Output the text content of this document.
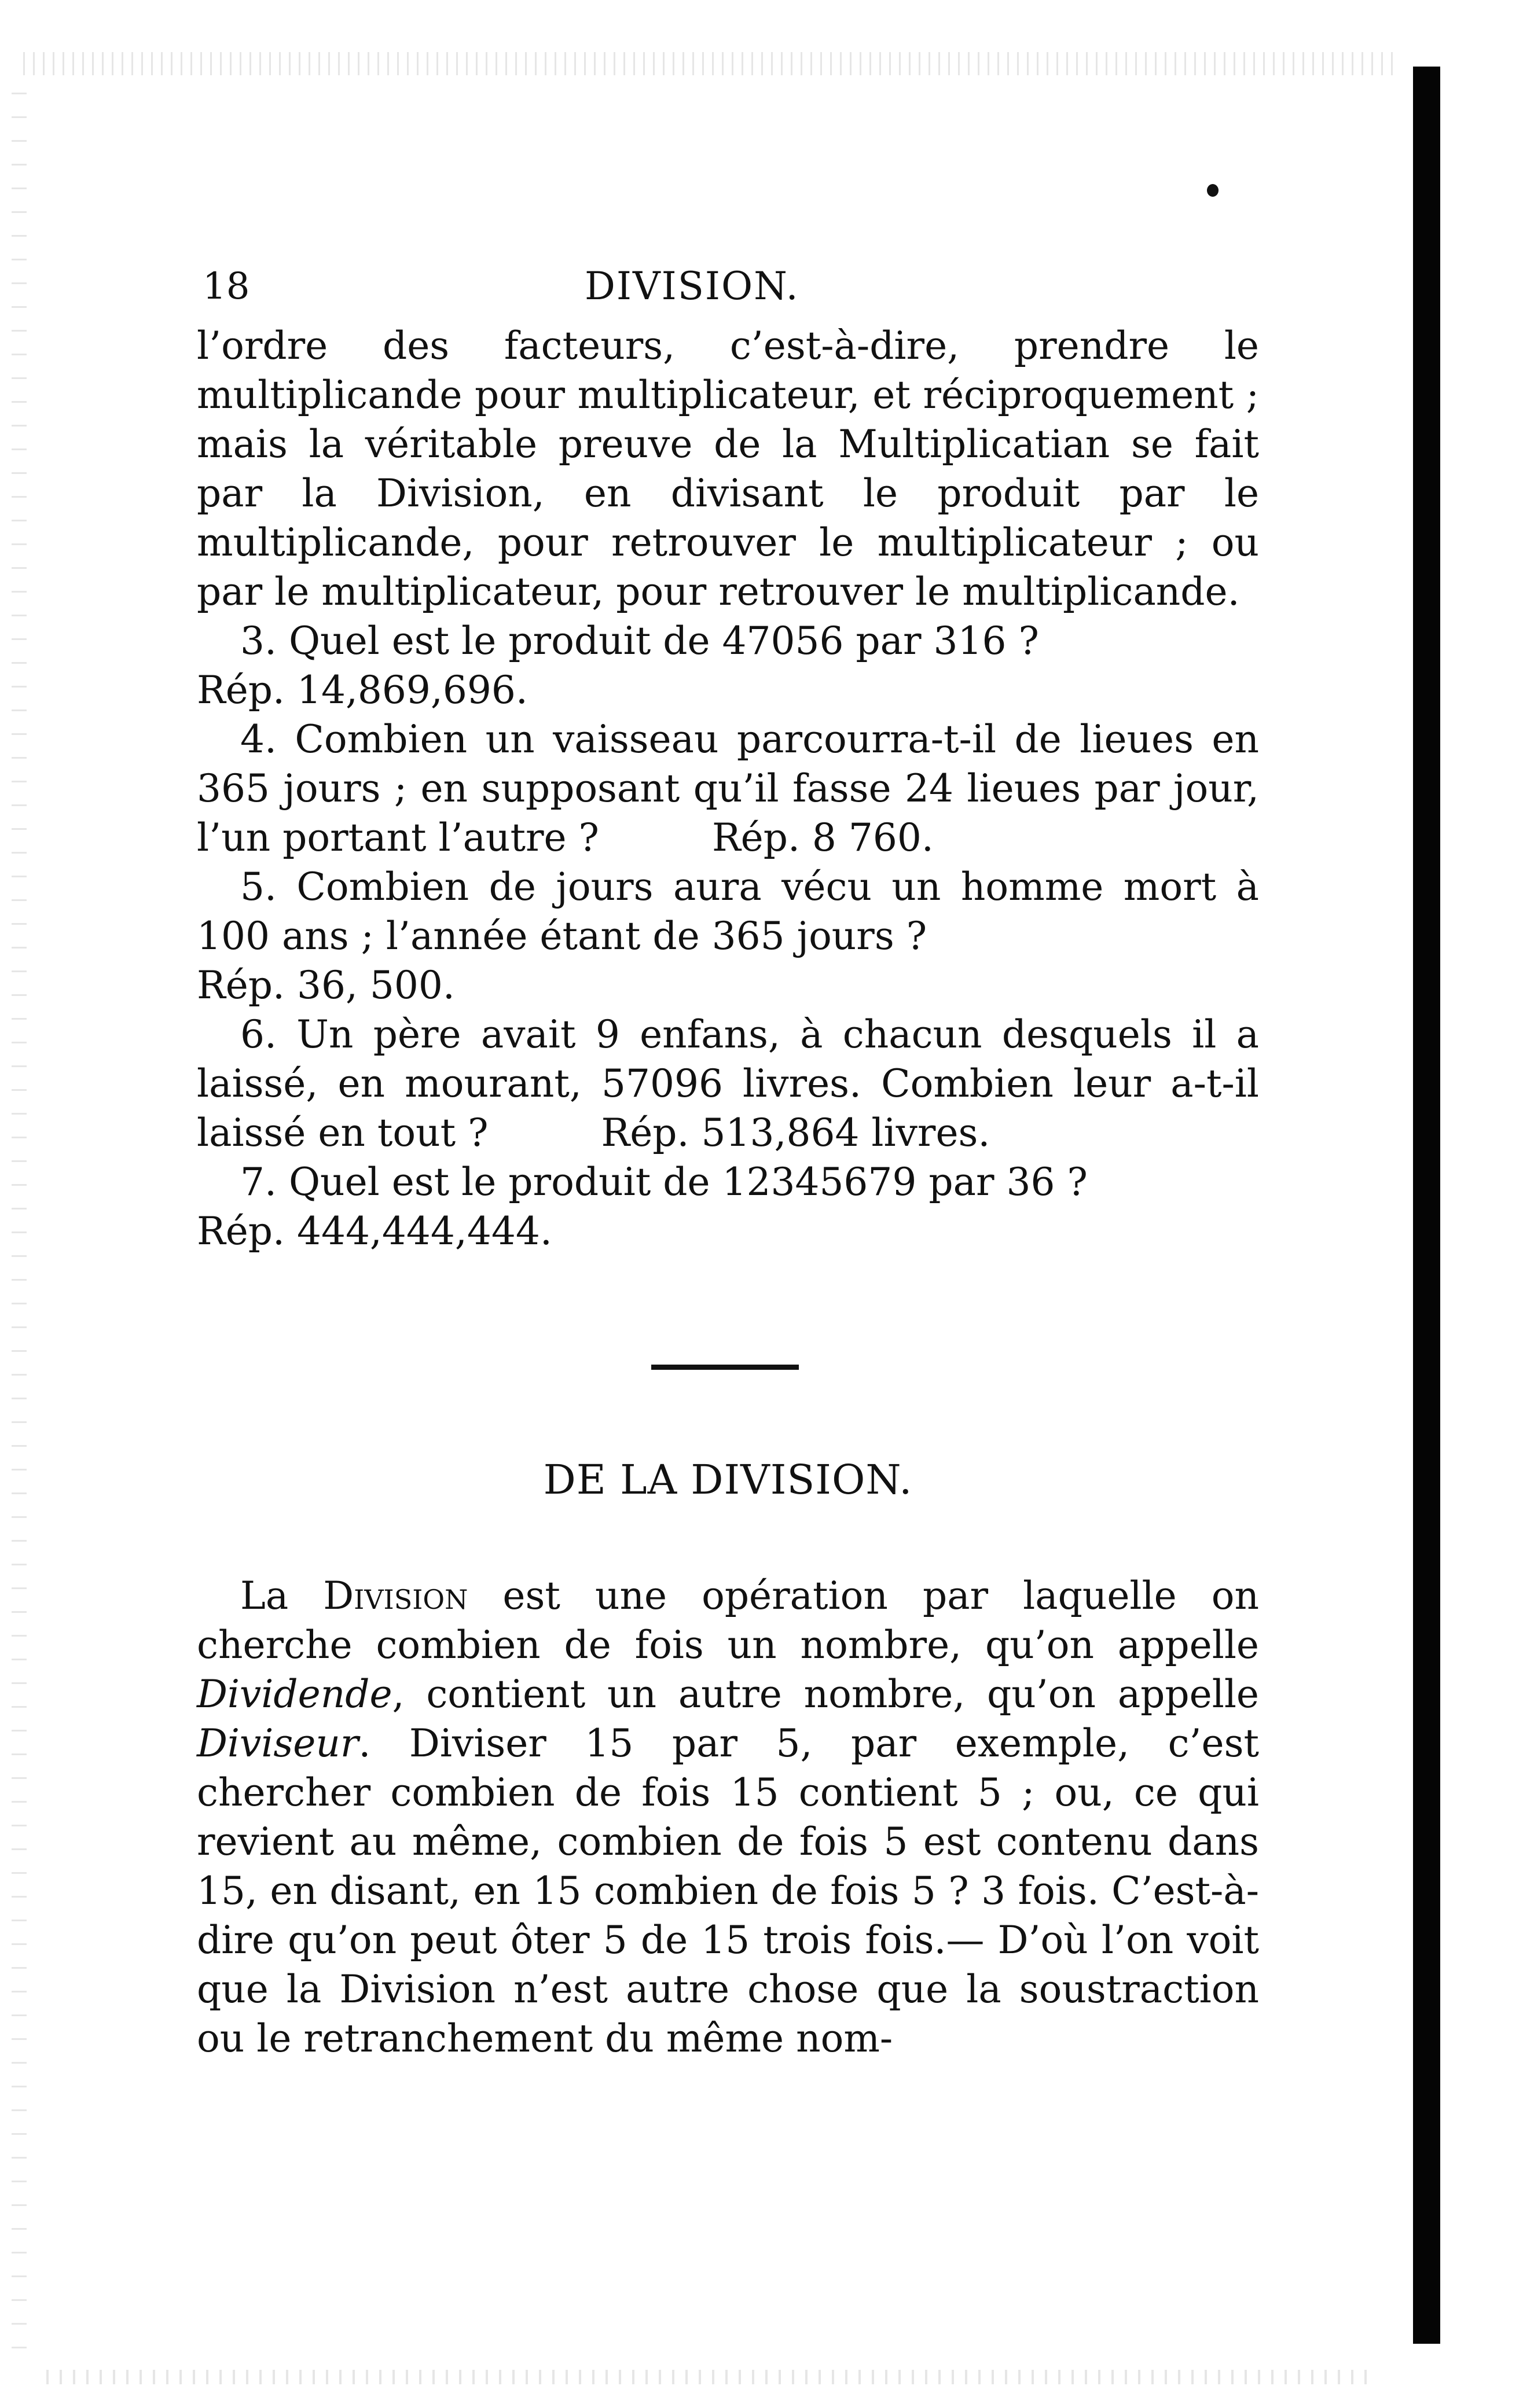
18	DIVISION.

l’ordre des facteurs, c’est-à-dire, prendre le multiplicande pour multiplicateur, et réciproquement ; mais la véritable preuve de la Multiplicatian se fait par la Division, en divisant le produit par le multiplicande, pour retrouver le multiplicateur ; ou par le multiplicateur, pour retrouver le multiplicande.

3. Quel est le produit de 47056 par 316 ?

Rép. 14,869,696.

4. Combien un vaisseau parcourra-t-il de lieues en 365 jours ; en supposant qu’il fasse 24 lieues par jour, l’un portant l’autre ?	Rép. 8 760.

5. Combien de jours aura vécu un homme mort à 100 ans ; l’année étant de 365 jours ?

Rép. 36, 500.

6. Un père avait 9 enfans, à chacun desquels il a laissé, en mourant, 57096 livres. Combien leur a-t-il laissé en tout ?	Rép. 513,864 livres.

7. Quel est le produit de 12345679 par 36 ?

Rép. 444,444,444.

DE LA DIVISION.

La Division est une opération par laquelle on cherche combien de fois un nombre, qu’on appelle Dividende, contient un autre nombre, qu’on appelle Diviseur. Diviser 15 par 5, par exemple, c’est chercher combien de fois 15 contient 5 ; ou, ce qui revient au même, combien de fois 5 est contenu dans 15, en disant, en 15 combien de fois 5 ? 3 fois. C’est-à-dire qu’on peut ôter 5 de 15 trois fois.— D’où l’on voit que la Division n’est autre chose que la soustraction ou le retranchement du même nom-
